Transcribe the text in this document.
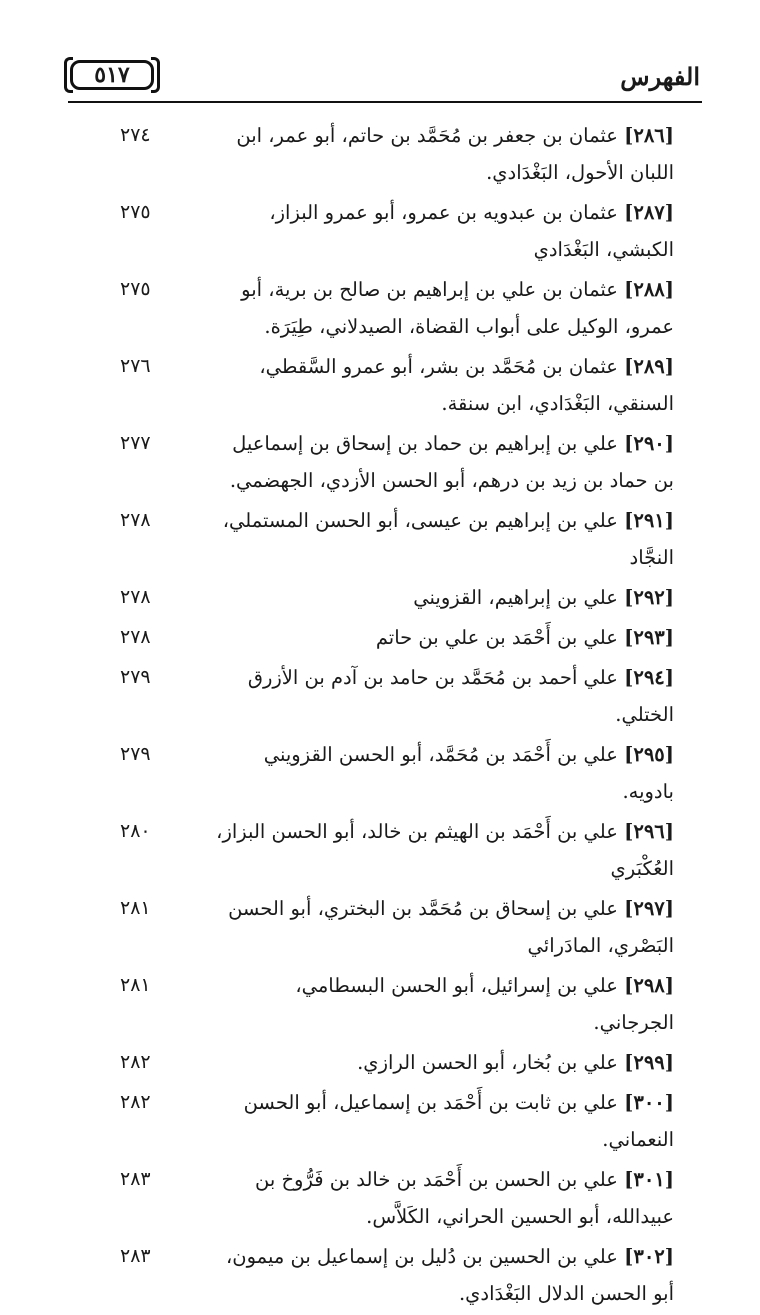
٥١٧	الفهرس
[٢٨٦] عثمان بن جعفر بن مُحَمَّد بن حاتم، أبو عمر، ابن اللبان الأحول، البَغْدَادي.
٢٧٤
[٢٨٧] عثمان بن عبدويه بن عمرو، أبو عمرو البزاز، الكبشي، البَغْدَادي
٢٧٥
[٢٨٨] عثمان بن علي بن إبراهيم بن صالح بن برية، أبو عمرو، الوكيل على أبواب القضاة، الصيدلاني، طِيَرَة.
٢٧٥
[٢٨٩] عثمان بن مُحَمَّد بن بشر، أبو عمرو السَّقطي، السنقي، البَغْدَادي، ابن سنقة.
٢٧٦
[٢٩٠] علي بن إبراهيم بن حماد بن إسحاق بن إسماعيل بن حماد بن زيد بن درهم، أبو الحسن الأزدي، الجهضمي.
٢٧٧
[٢٩١] علي بن إبراهيم بن عيسى، أبو الحسن المستملي، النجَّاد
٢٧٨
[٢٩٢] علي بن إبراهيم، القزويني
٢٧٨
[٢٩٣] علي بن أَحْمَد بن علي بن حاتم
٢٧٨
[٢٩٤] علي أحمد بن مُحَمَّد بن حامد بن آدم بن الأزرق الختلي.
٢٧٩
[٢٩٥] علي بن أَحْمَد بن مُحَمَّد، أبو الحسن القزويني بادويه.
٢٧٩
[٢٩٦] علي بن أَحْمَد بن الهيثم بن خالد، أبو الحسن البزاز، العُكْبَري
٢٨٠
[٢٩٧] علي بن إسحاق بن مُحَمَّد بن البختري، أبو الحسن البَصْري، المادَرائي
٢٨١
[٢٩٨] علي بن إسرائيل، أبو الحسن البسطامي، الجرجاني.
٢٨١
[٢٩٩] علي بن بُخار، أبو الحسن الرازي.
٢٨٢
[٣٠٠] علي بن ثابت بن أَحْمَد بن إسماعيل، أبو الحسن النعماني.
٢٨٢
[٣٠١] علي بن الحسن بن أَحْمَد بن خالد بن فَرُّوخ بن عبيدالله، أبو الحسين الحراني، الكَلاَّس.
٢٨٣
[٣٠٢] علي بن الحسين بن دُليل بن إسماعيل بن ميمون، أبو الحسن الدلال البَغْدَادي.
٢٨٣
